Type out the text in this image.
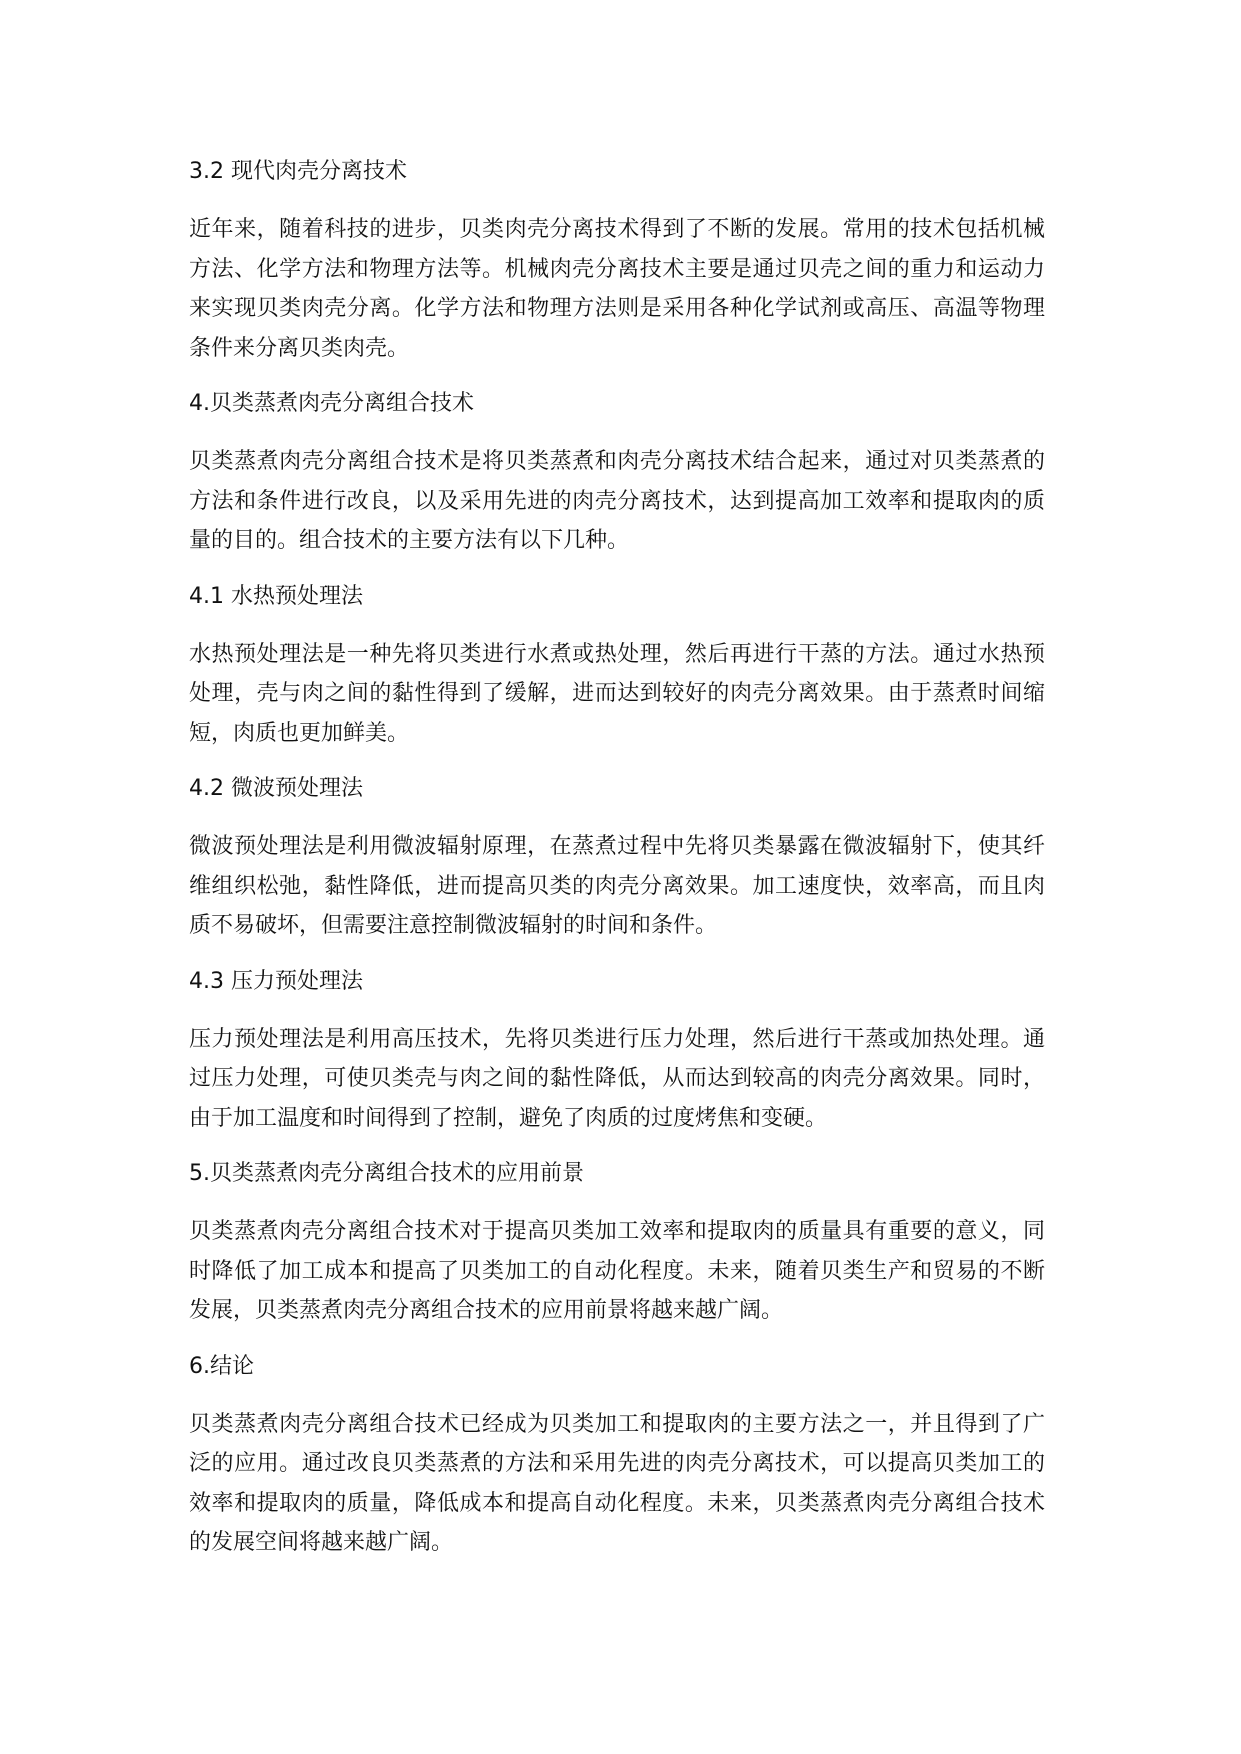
3.2 现代肉壳分离技术

近年来，随着科技的进步，贝类肉壳分离技术得到了不断的发展。常用的技术包括机械方法、化学方法和物理方法等。机械肉壳分离技术主要是通过贝壳之间的重力和运动力来实现贝类肉壳分离。化学方法和物理方法则是采用各种化学试剂或高压、高温等物理条件来分离贝类肉壳。

4.贝类蒸煮肉壳分离组合技术

贝类蒸煮肉壳分离组合技术是将贝类蒸煮和肉壳分离技术结合起来，通过对贝类蒸煮的方法和条件进行改良，以及采用先进的肉壳分离技术，达到提高加工效率和提取肉的质量的目的。组合技术的主要方法有以下几种。

4.1 水热预处理法

水热预处理法是一种先将贝类进行水煮或热处理，然后再进行干蒸的方法。通过水热预处理，壳与肉之间的黏性得到了缓解，进而达到较好的肉壳分离效果。由于蒸煮时间缩短，肉质也更加鲜美。

4.2 微波预处理法

微波预处理法是利用微波辐射原理，在蒸煮过程中先将贝类暴露在微波辐射下，使其纤维组织松弛，黏性降低，进而提高贝类的肉壳分离效果。加工速度快，效率高，而且肉质不易破坏，但需要注意控制微波辐射的时间和条件。

4.3 压力预处理法

压力预处理法是利用高压技术，先将贝类进行压力处理，然后进行干蒸或加热处理。通过压力处理，可使贝类壳与肉之间的黏性降低，从而达到较高的肉壳分离效果。同时，由于加工温度和时间得到了控制，避免了肉质的过度烤焦和变硬。

5.贝类蒸煮肉壳分离组合技术的应用前景

贝类蒸煮肉壳分离组合技术对于提高贝类加工效率和提取肉的质量具有重要的意义，同时降低了加工成本和提高了贝类加工的自动化程度。未来，随着贝类生产和贸易的不断发展，贝类蒸煮肉壳分离组合技术的应用前景将越来越广阔。

6.结论

贝类蒸煮肉壳分离组合技术已经成为贝类加工和提取肉的主要方法之一，并且得到了广泛的应用。通过改良贝类蒸煮的方法和采用先进的肉壳分离技术，可以提高贝类加工的效率和提取肉的质量，降低成本和提高自动化程度。未来，贝类蒸煮肉壳分离组合技术的发展空间将越来越广阔。
